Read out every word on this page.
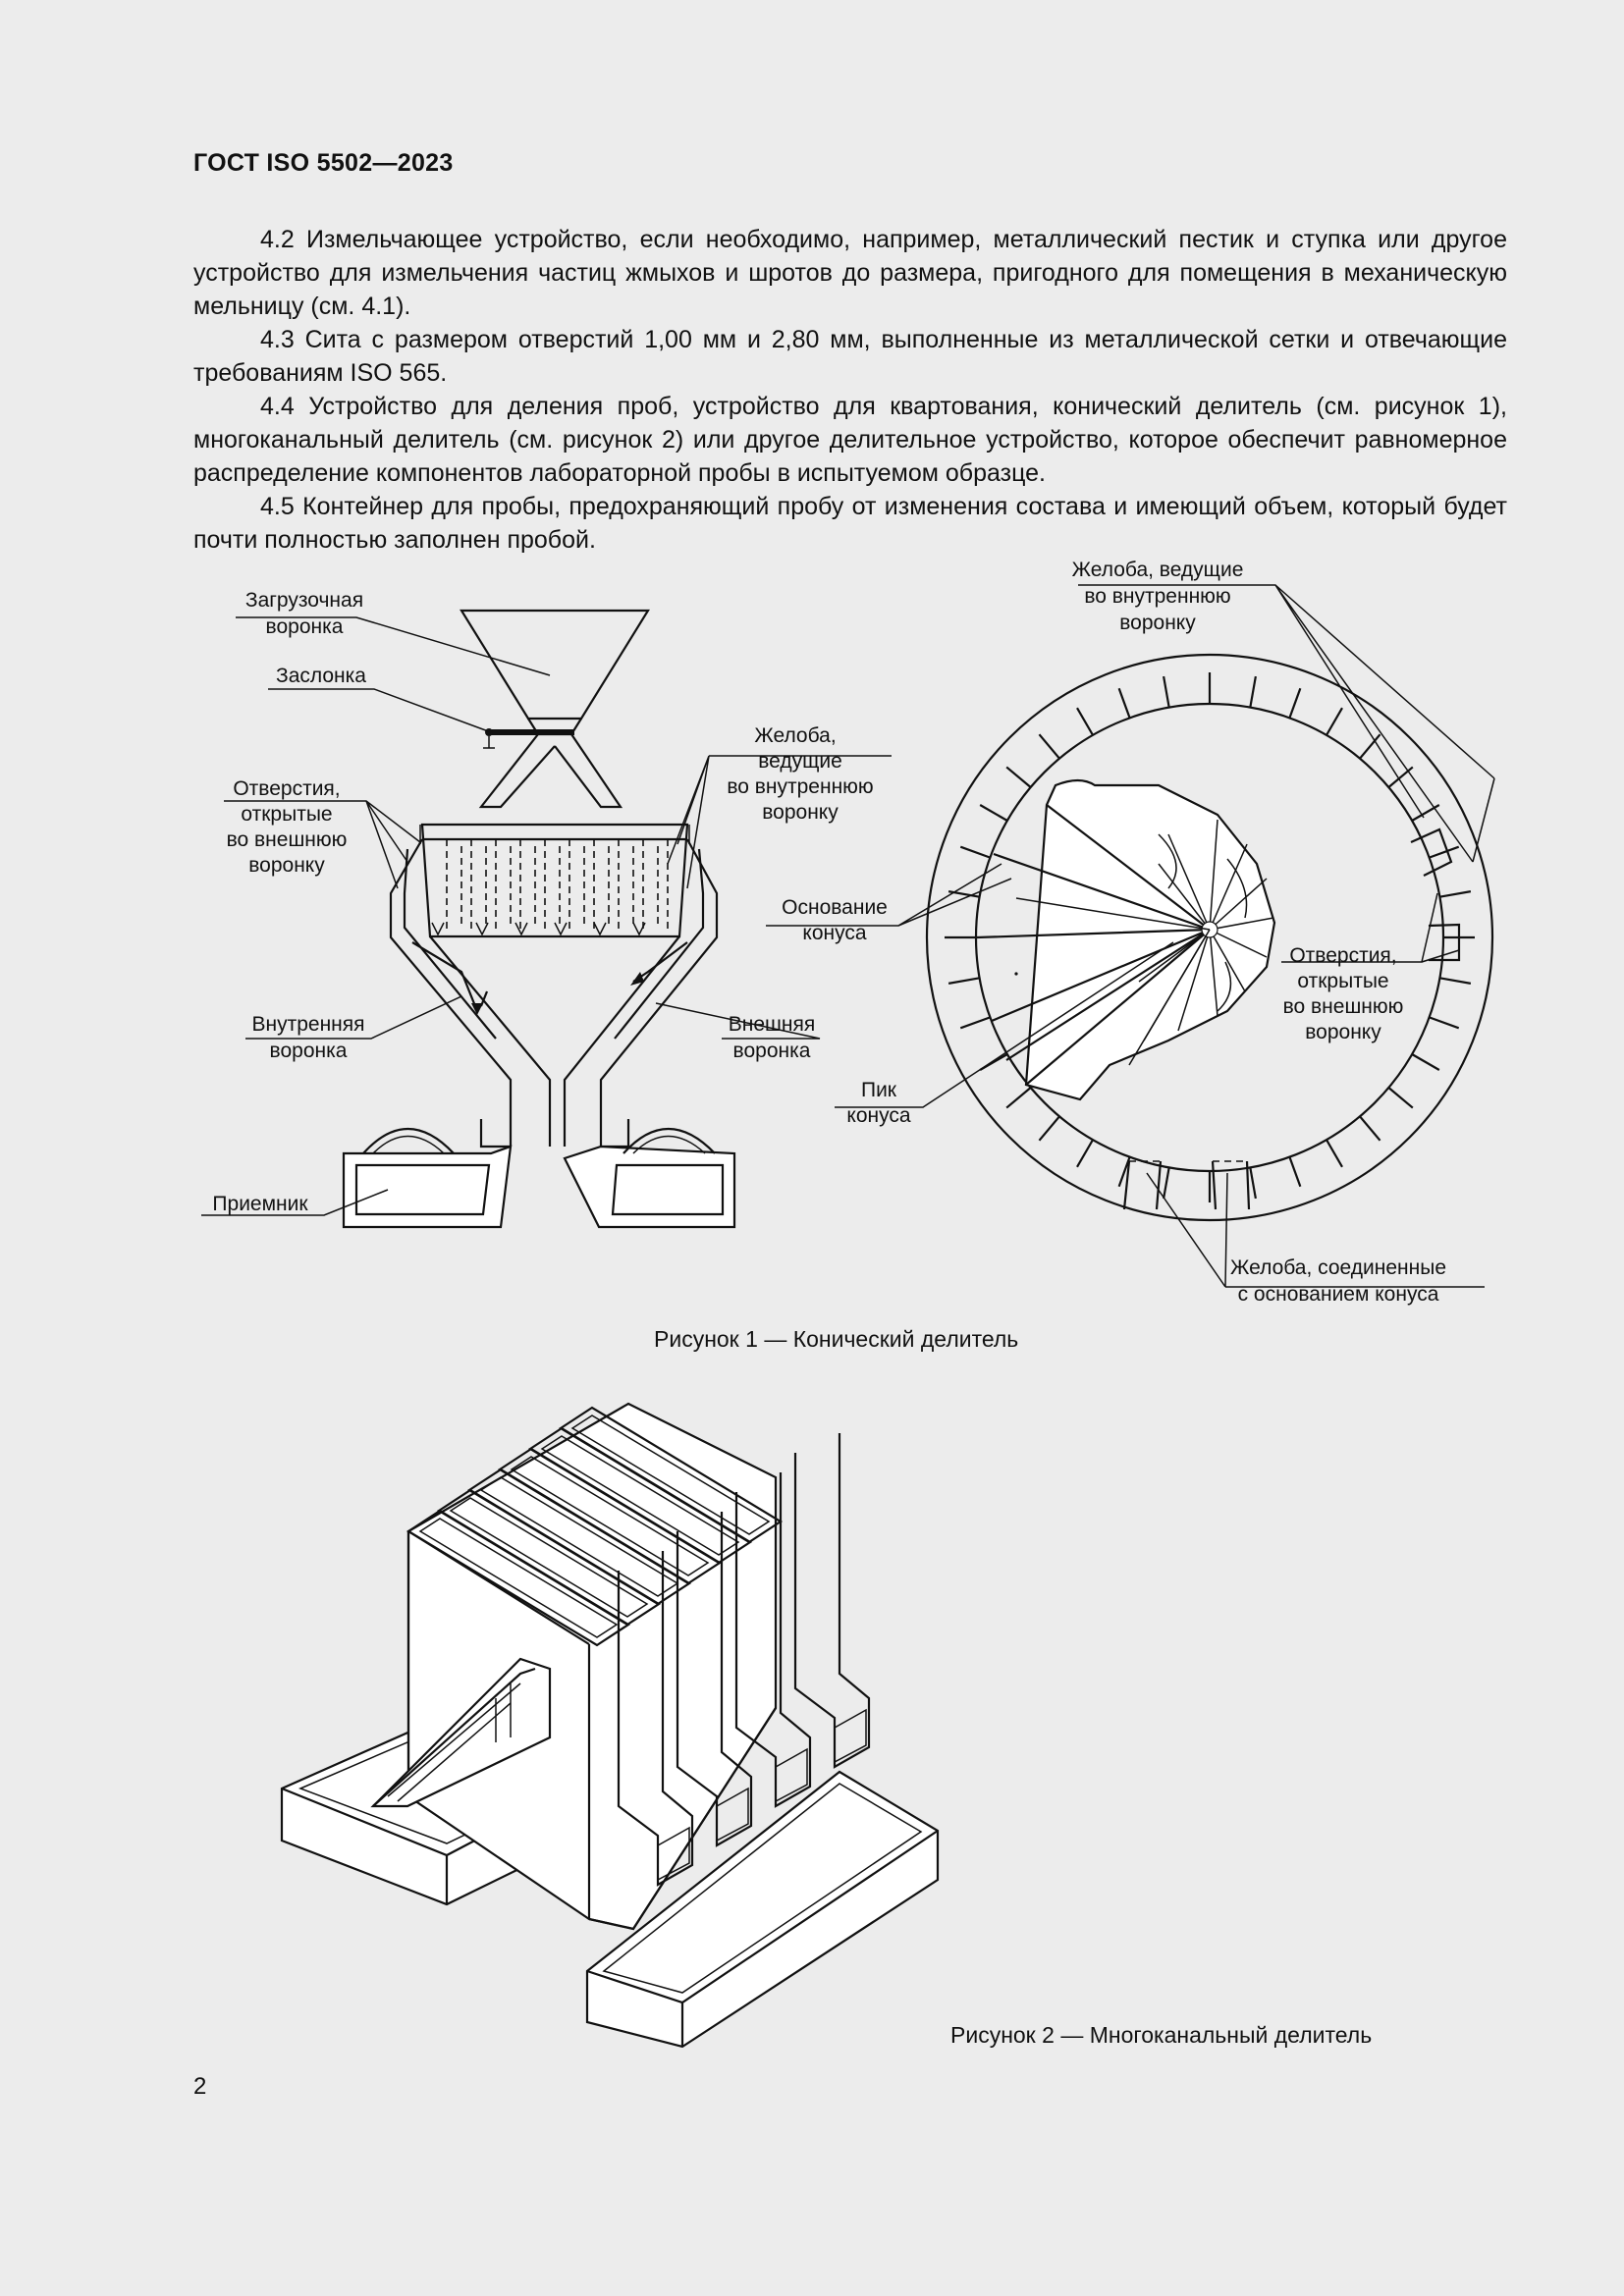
ГОСТ ISO 5502—2023

4.2 Измельчающее устройство, если необходимо, например, металлический пестик и ступка или другое устройство для измельчения частиц жмыхов и шротов до размера, пригодного для помещения в механическую мельницу (см. 4.1).

4.3 Сита с размером отверстий 1,00 мм и 2,80 мм, выполненные из металлической сетки и отвечающие требованиям ISO 565.

4.4 Устройство для деления проб, устройство для квартования, конический делитель (см. рисунок 1), многоканальный делитель (см. рисунок 2) или другое делительное устройство, которое обеспечит равномерное распределение компонентов лабораторной пробы в испытуемом образце.

4.5 Контейнер для пробы, предохраняющий пробу от изменения состава и имеющий объем, который будет почти полностью заполнен пробой.

Загрузочная
воронка
Заслонка
Отверстия,
открытые
во внешнюю
воронку
Желоба,
ведущие
во внутреннюю
воронку
Внутренняя
воронка
Внешняя
воронка
Приемник
Желоба, ведущие
во внутреннюю
воронку
Основание
конуса
Пик
конуса
Отверстия,
открытые
во внешнюю
воронку
Желоба, соединенные
с основанием конуса
Рисунок 1 — Конический делитель
Рисунок 2 — Многоканальный делитель
2
